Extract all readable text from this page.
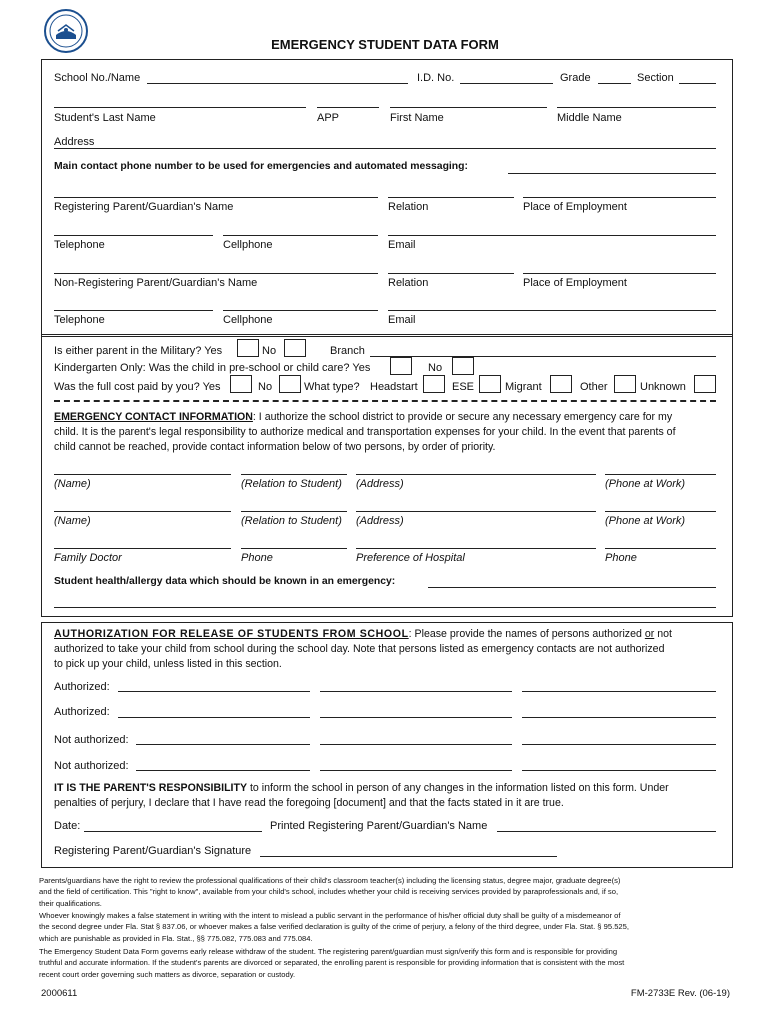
EMERGENCY STUDENT DATA FORM
School No./Name	I.D. No.	Grade	Section
Student's Last Name	APP	First Name	Middle Name
Address
Main contact phone number to be used for emergencies and automated messaging:
Registering Parent/Guardian's Name	Relation	Place of Employment
Telephone	Cellphone	Email
Non-Registering Parent/Guardian's Name	Relation	Place of Employment
Telephone	Cellphone	Email
Is either parent in the Military? Yes	No	Branch
Kindergarten Only: Was the child in pre-school or child care? Yes	No
Was the full cost paid by you? Yes	No	What type? Headstart	ESE	Migrant	Other	Unknown
EMERGENCY CONTACT INFORMATION: I authorize the school district to provide or secure any necessary emergency care for my
child. It is the parent's legal responsibility to authorize medical and transportation expenses for your child. In the event that parents of
child cannot be reached, provide contact information below of two persons, by order of priority.
(Name)	(Relation to Student) (Address)	(Phone at Work)
(Name)	(Relation to Student) (Address)	(Phone at Work)
Family Doctor	Phone	Preference of Hospital	Phone
Student health/allergy data which should be known in an emergency:
AUTHORIZATION FOR RELEASE OF STUDENTS FROM SCHOOL: Please provide the names of persons authorized or not
authorized to take your child from school during the school day. Note that persons listed as emergency contacts are not authorized
to pick up your child, unless listed in this section.
Authorized:
Authorized:
Not authorized:
Not authorized:
IT IS THE PARENT'S RESPONSIBILITY to inform the school in person of any changes in the information listed on this form. Under
penalties of perjury, I declare that I have read the foregoing [document] and that the facts stated in it are true.
Date:	Printed Registering Parent/Guardian's Name
Registering Parent/Guardian's Signature
Parents/guardians have the right to review the professional qualifications of their child's classroom teacher(s) including the licensing status, degree major, graduate degree(s)
and the field of certification. This "right to know", available from your child's school, includes whether your child is receiving services provided by paraprofessionals and, if so,
their qualifications.
Whoever knowingly makes a false statement in writing with the intent to mislead a public servant in the performance of his/her official duty shall be guilty of a misdemeanor of
the second degree under Fla. Stat § 837.06, or whoever makes a false verified declaration is guilty of the crime of perjury, a felony of the third degree, under Fla. Stat. § 95.525,
which are punishable as provided in Fla. Stat., §§ 775.082, 775.083 and 775.084.
The Emergency Student Data Form governs early release withdraw of the student. The registering parent/guardian must sign/verify this form and is responsible for providing
truthful and accurate information. If the student's parents are divorced or separated, the enrolling parent is responsible for providing information that is consistent with the most
recent court order governing such matters as divorce, separation or custody.
2000611	FM-2733E Rev. (06-19)
